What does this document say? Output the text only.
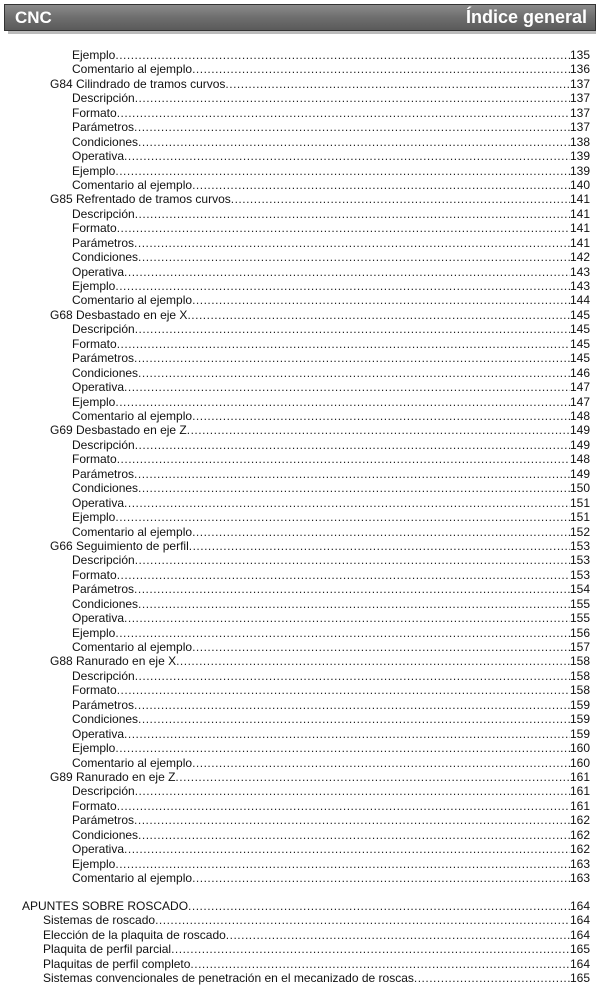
CNC	Índice general
Ejemplo .....	135
Comentario al ejemplo .....	136
G84 Cilindrado de tramos curvos .....	137
Descripción .....	137
Formato .....	137
Parámetros .....	137
Condiciones .....	138
Operativa .....	139
Ejemplo .....	139
Comentario al ejemplo .....	140
G85 Refrentado de tramos curvos .....	141
Descripción .....	141
Formato .....	141
Parámetros .....	141
Condiciones .....	142
Operativa .....	143
Ejemplo .....	143
Comentario al ejemplo .....	144
G68 Desbastado en eje X .....	145
Descripción .....	145
Formato .....	145
Parámetros .....	145
Condiciones .....	146
Operativa .....	147
Ejemplo .....	147
Comentario al ejemplo .....	148
G69 Desbastado en eje Z .....	149
Descripción .....	149
Formato .....	148
Parámetros .....	149
Condiciones .....	150
Operativa .....	151
Ejemplo .....	151
Comentario al ejemplo .....	152
G66 Seguimiento de perfil .....	153
Descripción .....	153
Formato .....	153
Parámetros .....	154
Condiciones .....	155
Operativa .....	155
Ejemplo .....	156
Comentario al ejemplo .....	157
G88 Ranurado en eje X .....	158
Descripción .....	158
Formato .....	158
Parámetros .....	159
Condiciones .....	159
Operativa .....	159
Ejemplo .....	160
Comentario al ejemplo .....	160
G89 Ranurado en eje Z .....	161
Descripción .....	161
Formato .....	161
Parámetros .....	162
Condiciones .....	162
Operativa .....	162
Ejemplo .....	163
Comentario al ejemplo .....	163
APUNTES SOBRE ROSCADO .....	164
Sistemas de roscado .....	164
Elección de la plaquita de roscado .....	164
Plaquita de perfil parcial .....	165
Plaquitas de perfil completo .....	164
Sistemas convencionales de penetración en el mecanizado de roscas .....	165
